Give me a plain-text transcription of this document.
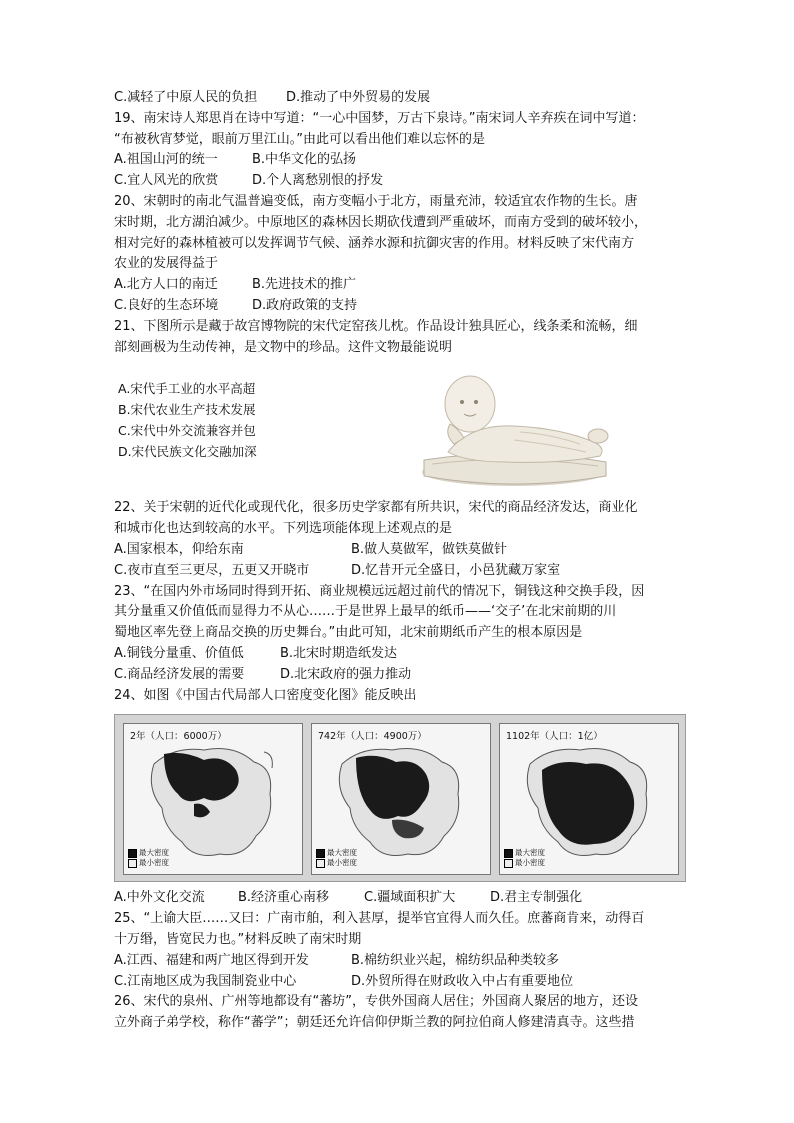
C.减轻了中原人民的负担	D.推动了中外贸易的发展
19、南宋诗人郑思肖在诗中写道：“一心中国梦，万古下泉诗。”南宋词人辛弃疾在词中写道：
“布被秋宵梦觉，眼前万里江山。”由此可以看出他们难以忘怀的是
A.祖国山河的统一	B.中华文化的弘扬
C.宜人风光的欣赏	D.个人离愁别恨的抒发
20、宋朝时的南北气温普遍变低，南方变幅小于北方，雨量充沛，较适宜农作物的生长。唐
宋时期，北方湖泊减少。中原地区的森林因长期砍伐遭到严重破坏，而南方受到的破坏较小，
相对完好的森林植被可以发挥调节气候、涵养水源和抗御灾害的作用。材料反映了宋代南方
农业的发展得益于
A.北方人口的南迁	B.先进技术的推广
C.良好的生态环境	D.政府政策的支持
21、下图所示是藏于故宫博物院的宋代定窑孩儿枕。作品设计独具匠心，线条柔和流畅，细
部刻画极为生动传神，是文物中的珍品。这件文物最能说明
A.宋代手工业的水平高超
B.宋代农业生产技术发展
C.宋代中外交流兼容并包
D.宋代民族文化交融加深
22、关于宋朝的近代化或现代化，很多历史学家都有所共识，宋代的商品经济发达，商业化
和城市化也达到较高的水平。下列选项能体现上述观点的是
A.国家根本，仰给东南	B.做人莫做军，做铁莫做针
C.夜市直至三更尽，五更又开晓市	D.忆昔开元全盛日，小邑犹藏万家室
23、“在国内外市场同时得到开拓、商业规模远远超过前代的情况下，铜钱这种交换手段，因
其分量重又价值低而显得力不从心……于是世界上最早的纸币——‘交子’在北宋前期的川
蜀地区率先登上商品交换的历史舞台。”由此可知，北宋前期纸币产生的根本原因是
A.铜钱分量重、价值低	B.北宋时期造纸发达
C.商品经济发展的需要	D.北宋政府的强力推动
24、如图《中国古代局部人口密度变化图》能反映出
2年（人口：6000万）
最大密度
最小密度
742年（人口：4900万）
最大密度
最小密度
1102年（人口：1亿）
最大密度
最小密度
A.中外文化交流	B.经济重心南移	C.疆域面积扩大	D.君主专制强化
25、“上谕大臣……又曰：广南市舶，利入甚厚，提举官宜得人而久任。庶蕃商肯来，动得百
十万缗，皆宽民力也。”材料反映了南宋时期
A.江西、福建和两广地区得到开发	B.棉纺织业兴起，棉纺织品种类较多
C.江南地区成为我国制瓷业中心	D.外贸所得在财政收入中占有重要地位
26、宋代的泉州、广州等地都设有“蕃坊”，专供外国商人居住；外国商人聚居的地方，还设
立外商子弟学校，称作“蕃学”；朝廷还允许信仰伊斯兰教的阿拉伯商人修建清真寺。这些措
